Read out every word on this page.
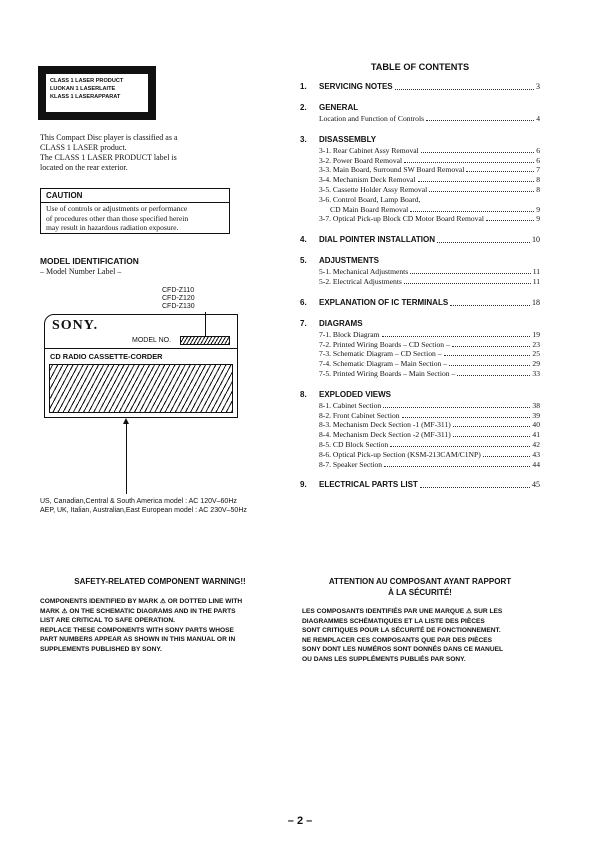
CLASS 1 LASER PRODUCT
LUOKAN 1 LASERLAITE
KLASS 1 LASERAPPARAT
This Compact Disc player is classified as a
CLASS 1 LASER product.
The CLASS 1 LASER PRODUCT label is
located on the rear exterior.
CAUTION
Use of controls or adjustments or performance
of procedures other than those specified herein
may result in hazardous radiation exposure.
MODEL IDENTIFICATION
– Model Number Label –
CFD-Z110
CFD-Z120
CFD-Z130
SONY.
MODEL NO.
CD RADIO CASSETTE-CORDER
US, Canadian,Central & South America model : AC 120V–60Hz
AEP, UK, Italian, Australian,East European model : AC 230V–50Hz
TABLE OF CONTENTS
1.	SERVICING NOTES	3
2.	GENERAL
Location and Function of Controls	4
3.	DISASSEMBLY
3-1. Rear Cabinet Assy Removal	6
3-2. Power Board Removal	6
3-3. Main Board, Surround SW Board Removal	7
3-4. Mechanism Deck Removal	8
3-5. Cassette Holder Assy Removal	8
3-6. Control Board, Lamp Board,
CD Main Board Removal	9
3-7. Optical Pick-up Block CD Motor Board Removal	9
4.	DIAL POINTER INSTALLATION	10
5.	ADJUSTMENTS
5-1. Mechanical Adjustments	11
5-2. Electrical Adjustments	11
6.	EXPLANATION OF IC TERMINALS	18
7.	DIAGRAMS
7-1. Block Diagram	19
7-2. Printed Wiring Boards – CD Section –	23
7-3. Schematic Diagram – CD Section –	25
7-4. Schematic Diagram – Main Section –	29
7-5. Printed Wiring Boards – Main Section –	33
8.	EXPLODED VIEWS
8-1. Cabinet Section	38
8-2. Front Cabinet Section	39
8-3. Mechanism Deck Section -1 (MF-311)	40
8-4. Mechanism Deck Section -2 (MF-311)	41
8-5. CD Block Section	42
8-6. Optical Pick-up Section (KSM-213CAM/C1NP)	43
8-7. Speaker Section	44
9.	ELECTRICAL PARTS LIST	45
SAFETY-RELATED COMPONENT WARNING!!
COMPONENTS IDENTIFIED BY MARK ⚠ OR DOTTED LINE WITH
MARK ⚠ ON THE SCHEMATIC DIAGRAMS AND IN THE PARTS
LIST ARE CRITICAL TO SAFE OPERATION.
REPLACE THESE COMPONENTS WITH SONY PARTS WHOSE
PART NUMBERS APPEAR AS SHOWN IN THIS MANUAL OR IN
SUPPLEMENTS PUBLISHED BY SONY.
ATTENTION AU COMPOSANT AYANT RAPPORT
À LA SÉCURITÉ!
LES COMPOSANTS IDENTIFIÉS PAR UNE MARQUE ⚠ SUR LES
DIAGRAMMES SCHÉMATIQUES ET LA LISTE DES PIÈCES
SONT CRITIQUES POUR LA SÉCURITÉ DE FONCTIONNEMENT.
NE REMPLACER CES COMPOSANTS QUE PAR DES PIÈCES
SONY DONT LES NUMÉROS SONT DONNÉS DANS CE MANUEL
OU DANS LES SUPPLÉMENTS PUBLIÉS PAR SONY.
– 2 –
